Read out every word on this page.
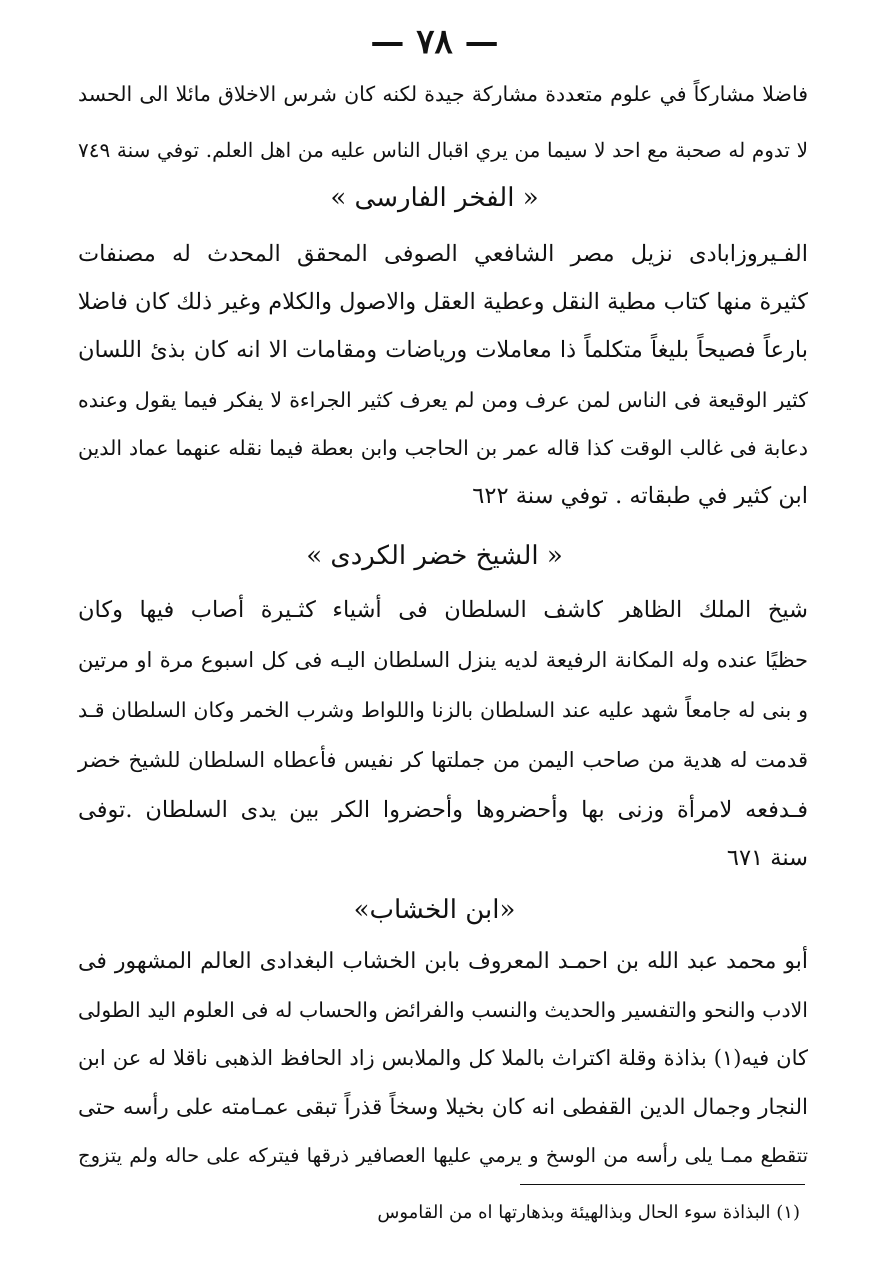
— ٧٨ —
فاضلا مشاركاً في علوم متعددة مشاركة جيدة لكنه كان شرس الاخلاق مائلا الى الحسد
لا تدوم له صحبة مع احد لا سيما من يري اقبال الناس عليه من اهل العلم. توفي سنة ٧٤٩
« الفخر الفارسى »
الفـيروزابادى نزيل مصر الشافعي الصوفى المحقق المحدث له مصنفات
كثيرة منها كتاب مطية النقل وعطية العقل والاصول والكلام وغير ذلك كان فاضلا
بارعاً فصيحاً بليغاً متكلماً ذا معاملات ورياضات ومقامات الا انه كان بذئ اللسان
كثير الوقيعة فى الناس لمن عرف ومن لم يعرف كثير الجراءة لا يفكر فيما يقول وعنده
دعابة فى غالب الوقت كذا قاله عمر بن الحاجب وابن بعطة فيما نقله عنهما عماد الدين
ابن كثير في طبقاته . توفي سنة ٦٢٢
« الشيخ خضر الكردى »
شيخ الملك الظاهر كاشف السلطان فى أشياء كثـيرة أصاب فيها وكان
حظيًا عنده وله المكانة الرفيعة لديه ينزل السلطان اليـه فى كل اسبوع مرة او مرتين
و بنى له جامعاً شهد عليه عند السلطان بالزنا واللواط وشرب الخمر وكان السلطان قـد
قدمت له هدية من صاحب اليمن من جملتها كر نفيس فأعطاه السلطان للشيخ خضر
فـدفعه لامرأة وزنى بها وأحضروها وأحضروا الكر بين يدى السلطان .توفى
سنة ٦٧١
«ابن الخشاب»
أبو محمد عبد الله بن احمـد المعروف بابن الخشاب البغدادى العالم المشهور فى
الادب والنحو والتفسير والحديث والنسب والفرائض والحساب له فى العلوم اليد الطولى
كان فيه(١) بذاذة وقلة اكتراث بالملا كل والملابس زاد الحافظ الذهبى ناقلا له عن ابن
النجار وجمال الدين القفطى انه كان بخيلا وسخاً قذراً تبقى عمـامته على رأسه حتى
تتقطع ممـا يلى رأسه من الوسخ و يرمي عليها العصافير ذرقها فيتركه على حاله ولم يتزوج
(١) البذاذة سوء الحال وبذالهيئة وبذهارتها اه من القاموس
